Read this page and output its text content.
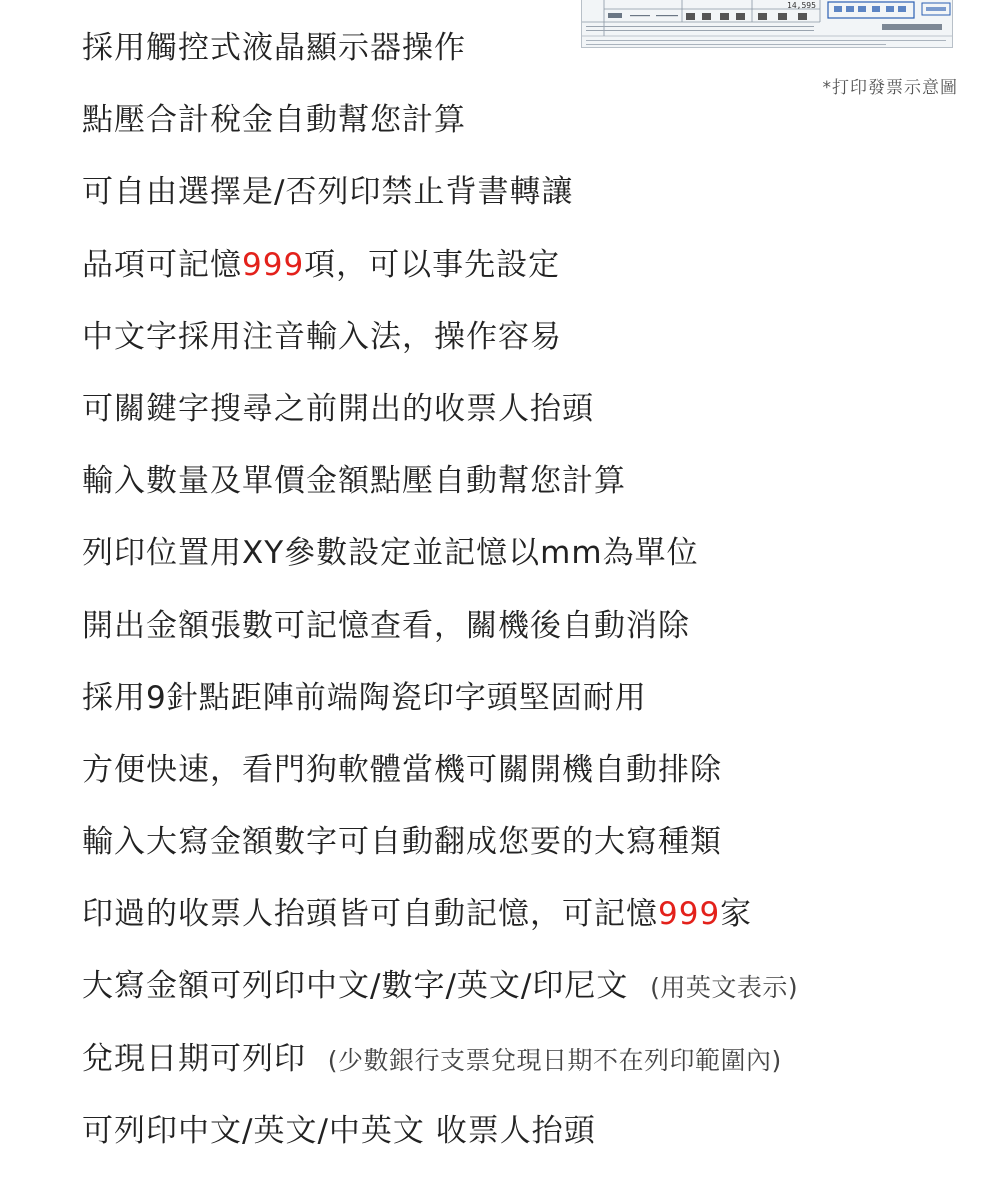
14,595
*打印發票示意圖
採用觸控式液晶顯示器操作
點壓合計稅金自動幫您計算
可自由選擇是/否列印禁止背書轉讓
品項可記憶999項，可以事先設定
中文字採用注音輸入法，操作容易
可關鍵字搜尋之前開出的收票人抬頭
輸入數量及單價金額點壓自動幫您計算
列印位置用XY參數設定並記憶以mm為單位
開出金額張數可記憶查看，關機後自動消除
採用9針點距陣前端陶瓷印字頭堅固耐用
方便快速，看門狗軟體當機可關開機自動排除
輸入大寫金額數字可自動翻成您要的大寫種類
印過的收票人抬頭皆可自動記憶，可記憶999家
大寫金額可列印中文/數字/英文/印尼文 (用英文表示)
兌現日期可列印 (少數銀行支票兌現日期不在列印範圍內)
可列印中文/英文/中英文 收票人抬頭
